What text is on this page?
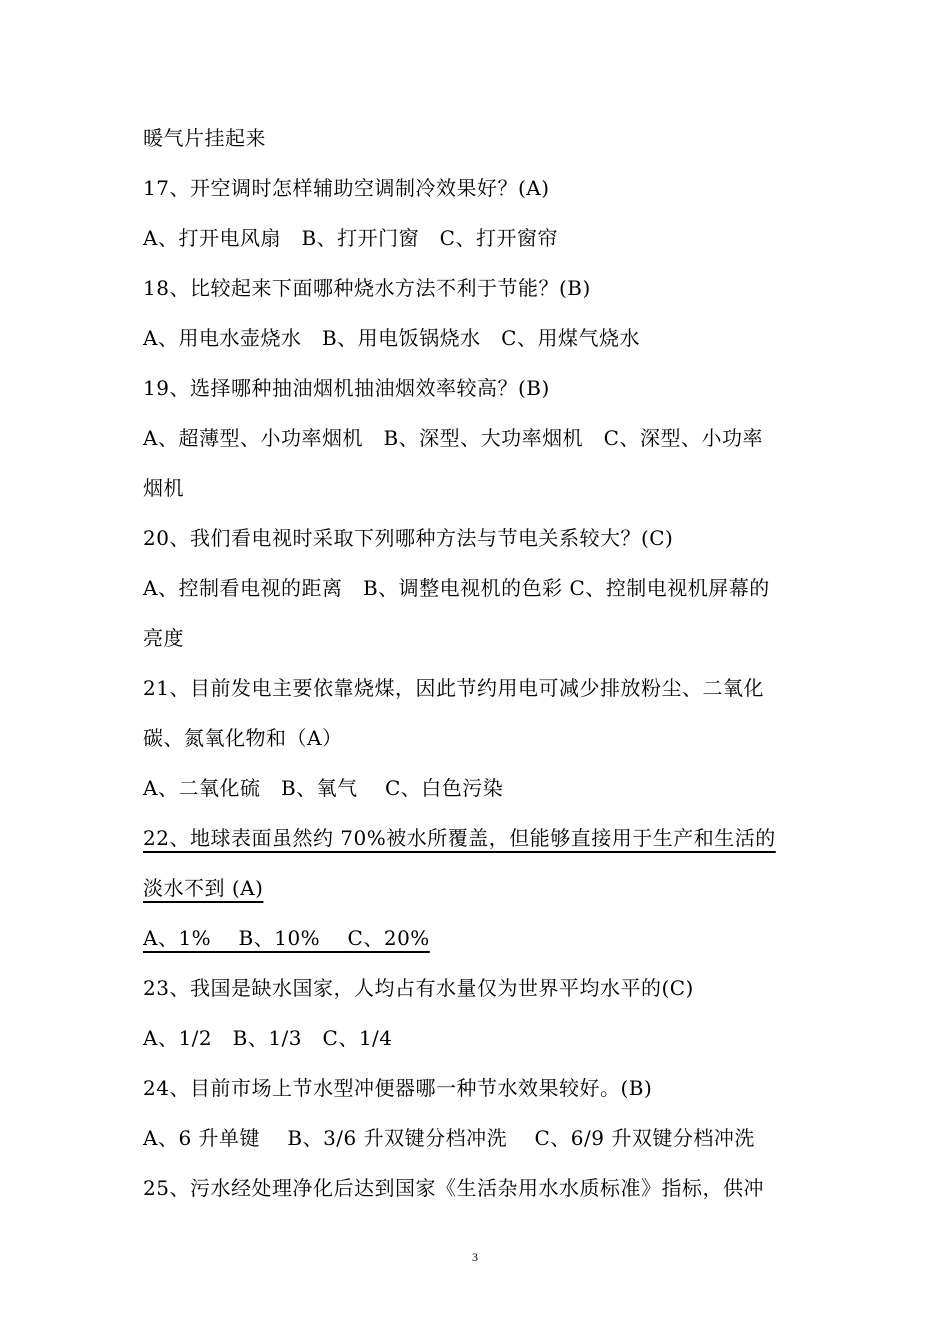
暖气片挂起来
17、开空调时怎样辅助空调制冷效果好？(A)
A、打开电风扇　B、打开门窗　C、打开窗帘
18、比较起来下面哪种烧水方法不利于节能？(B)
A、用电水壶烧水　B、用电饭锅烧水　C、用煤气烧水
19、选择哪种抽油烟机抽油烟效率较高？(B)
A、超薄型、小功率烟机　B、深型、大功率烟机　C、深型、小功率
烟机
20、我们看电视时采取下列哪种方法与节电关系较大？(C)
A、控制看电视的距离　B、调整电视机的色彩 C、控制电视机屏幕的
亮度
21、目前发电主要依靠烧煤，因此节约用电可减少排放粉尘、二氧化
碳、氮氧化物和（A）
A、二氧化硫　B、氧气　 C、白色污染
22、地球表面虽然约 70%被水所覆盖，但能够直接用于生产和生活的
淡水不到 (A)
A、1%　 B、10%　 C、20%
23、我国是缺水国家，人均占有水量仅为世界平均水平的(C)
A、1/2　B、1/3　C、1/4
24、目前市场上节水型冲便器哪一种节水效果较好。(B)
A、6 升单键　 B、3/6 升双键分档冲洗　 C、6/9 升双键分档冲洗
25、污水经处理净化后达到国家《生活杂用水水质标准》指标，供冲
3
